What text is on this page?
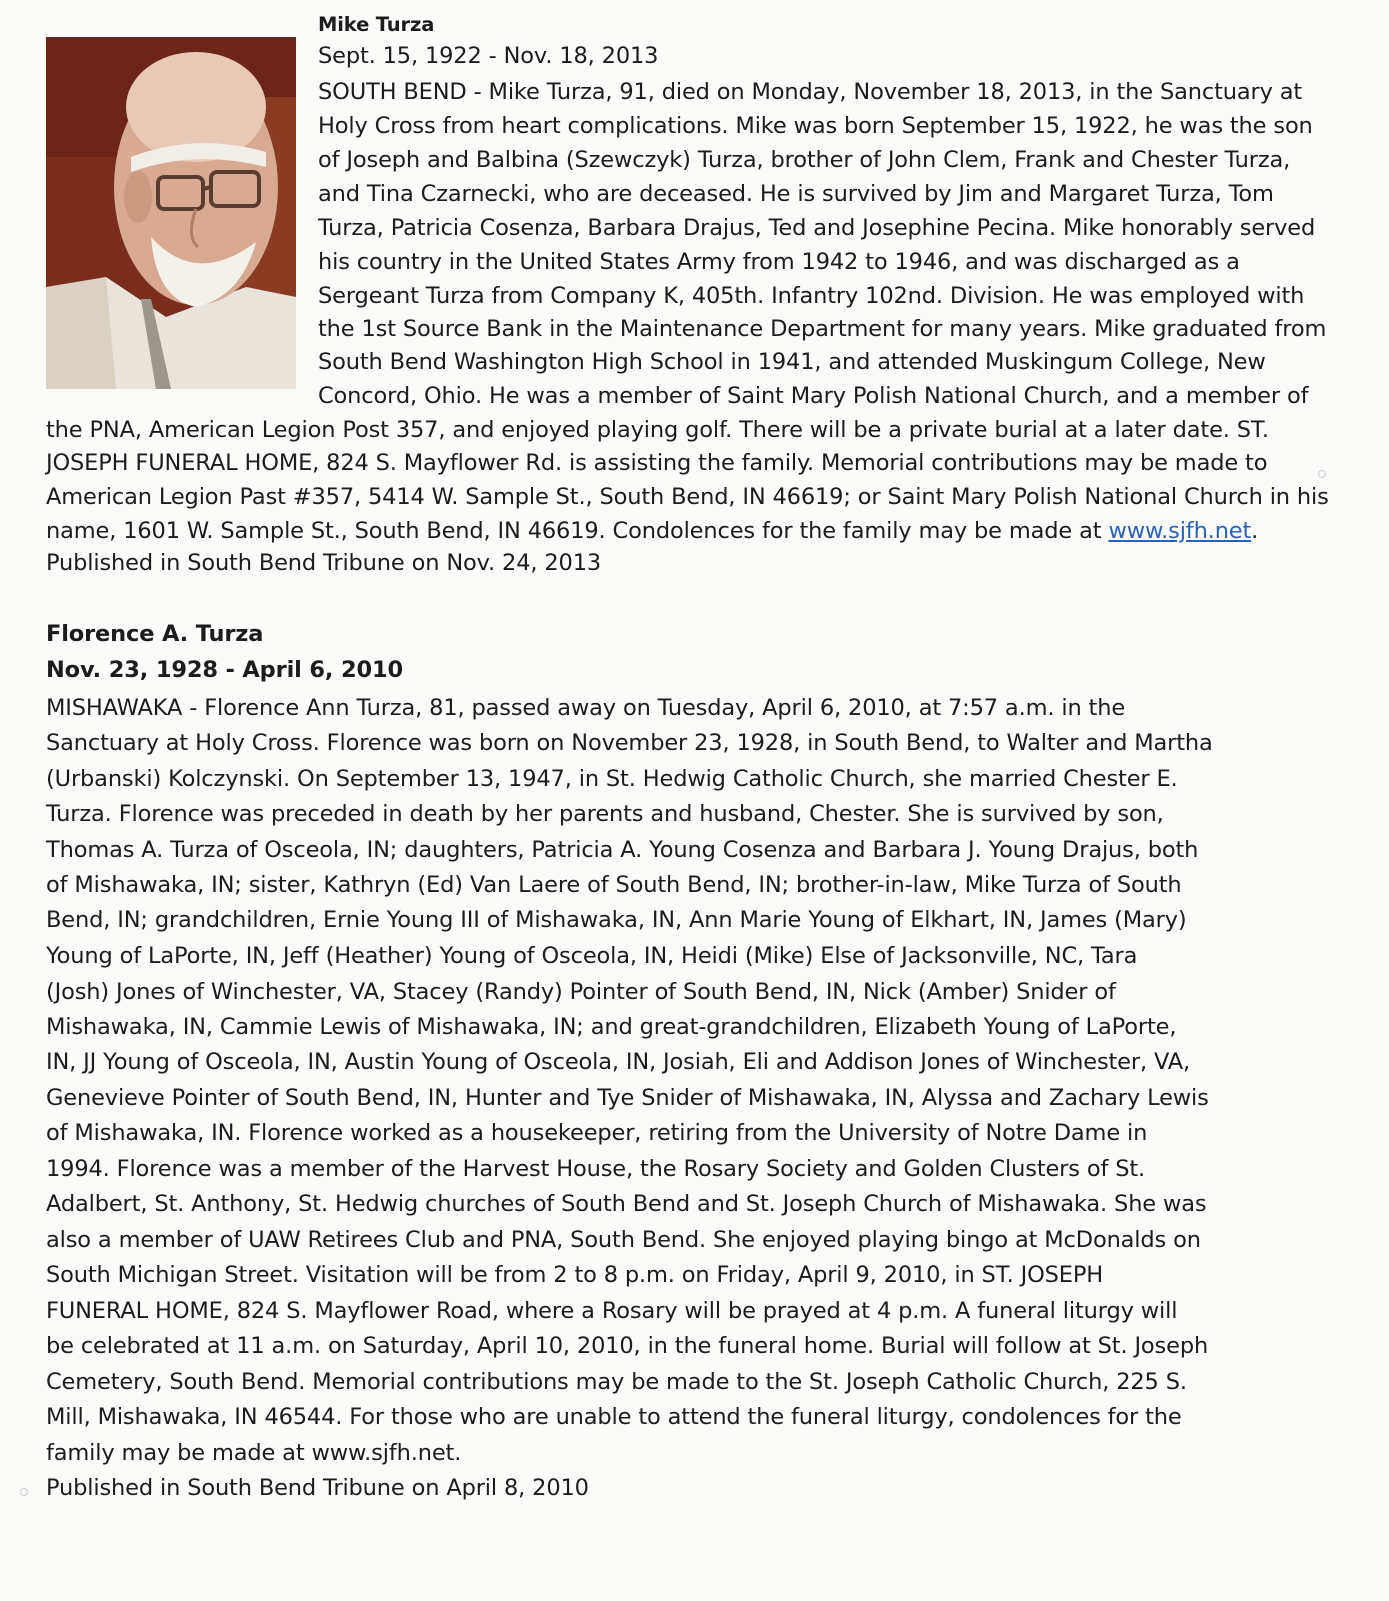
Mike Turza
Sept. 15, 1922 - Nov. 18, 2013
SOUTH BEND - Mike Turza, 91, died on Monday, November 18, 2013, in the Sanctuary at
Holy Cross from heart complications. Mike was born September 15, 1922, he was the son
of Joseph and Balbina (Szewczyk) Turza, brother of John Clem, Frank and Chester Turza,
and Tina Czarnecki, who are deceased. He is survived by Jim and Margaret Turza, Tom
Turza, Patricia Cosenza, Barbara Drajus, Ted and Josephine Pecina. Mike honorably served
his country in the United States Army from 1942 to 1946, and was discharged as a
Sergeant Turza from Company K, 405th. Infantry 102nd. Division. He was employed with
the 1st Source Bank in the Maintenance Department for many years. Mike graduated from
South Bend Washington High School in 1941, and attended Muskingum College, New
Concord, Ohio. He was a member of Saint Mary Polish National Church, and a member of
the PNA, American Legion Post 357, and enjoyed playing golf. There will be a private burial at a later date. ST.
JOSEPH FUNERAL HOME, 824 S. Mayflower Rd. is assisting the family. Memorial contributions may be made to
American Legion Past #357, 5414 W. Sample St., South Bend, IN 46619; or Saint Mary Polish National Church in his
name, 1601 W. Sample St., South Bend, IN 46619. Condolences for the family may be made at www.sjfh.net.
Published in South Bend Tribune on Nov. 24, 2013
Florence A. Turza
Nov. 23, 1928 - April 6, 2010
MISHAWAKA - Florence Ann Turza, 81, passed away on Tuesday, April 6, 2010, at 7:57 a.m. in the
Sanctuary at Holy Cross. Florence was born on November 23, 1928, in South Bend, to Walter and Martha
(Urbanski) Kolczynski. On September 13, 1947, in St. Hedwig Catholic Church, she married Chester E.
Turza. Florence was preceded in death by her parents and husband, Chester. She is survived by son,
Thomas A. Turza of Osceola, IN; daughters, Patricia A. Young Cosenza and Barbara J. Young Drajus, both
of Mishawaka, IN; sister, Kathryn (Ed) Van Laere of South Bend, IN; brother-in-law, Mike Turza of South
Bend, IN; grandchildren, Ernie Young III of Mishawaka, IN, Ann Marie Young of Elkhart, IN, James (Mary)
Young of LaPorte, IN, Jeff (Heather) Young of Osceola, IN, Heidi (Mike) Else of Jacksonville, NC, Tara
(Josh) Jones of Winchester, VA, Stacey (Randy) Pointer of South Bend, IN, Nick (Amber) Snider of
Mishawaka, IN, Cammie Lewis of Mishawaka, IN; and great-grandchildren, Elizabeth Young of LaPorte,
IN, JJ Young of Osceola, IN, Austin Young of Osceola, IN, Josiah, Eli and Addison Jones of Winchester, VA,
Genevieve Pointer of South Bend, IN, Hunter and Tye Snider of Mishawaka, IN, Alyssa and Zachary Lewis
of Mishawaka, IN. Florence worked as a housekeeper, retiring from the University of Notre Dame in
1994. Florence was a member of the Harvest House, the Rosary Society and Golden Clusters of St.
Adalbert, St. Anthony, St. Hedwig churches of South Bend and St. Joseph Church of Mishawaka. She was
also a member of UAW Retirees Club and PNA, South Bend. She enjoyed playing bingo at McDonalds on
South Michigan Street. Visitation will be from 2 to 8 p.m. on Friday, April 9, 2010, in ST. JOSEPH
FUNERAL HOME, 824 S. Mayflower Road, where a Rosary will be prayed at 4 p.m. A funeral liturgy will
be celebrated at 11 a.m. on Saturday, April 10, 2010, in the funeral home. Burial will follow at St. Joseph
Cemetery, South Bend. Memorial contributions may be made to the St. Joseph Catholic Church, 225 S.
Mill, Mishawaka, IN 46544. For those who are unable to attend the funeral liturgy, condolences for the
family may be made at www.sjfh.net.
Published in South Bend Tribune on April 8, 2010
